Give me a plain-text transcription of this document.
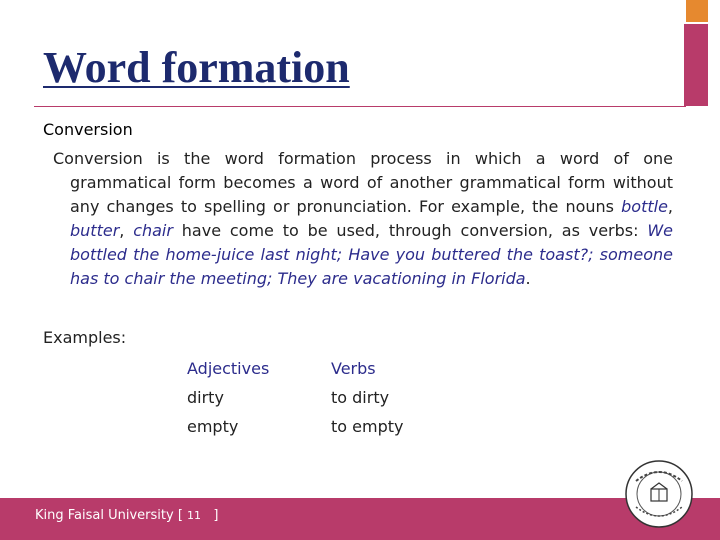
Word formation
Conversion
Conversion is the word formation process in which a word of one grammatical form becomes a word of another grammatical form without any changes to spelling or pronunciation. For example, the nouns bottle, butter, chair have come to be used, through conversion, as verbs: We bottled the home-juice last night; Have you buttered the toast?; someone has to chair the meeting; They are vacationing in Florida.
Examples:
Adjectives
dirty
empty
Verbs
to dirty
to empty
King Faisal University [ 11   ]
